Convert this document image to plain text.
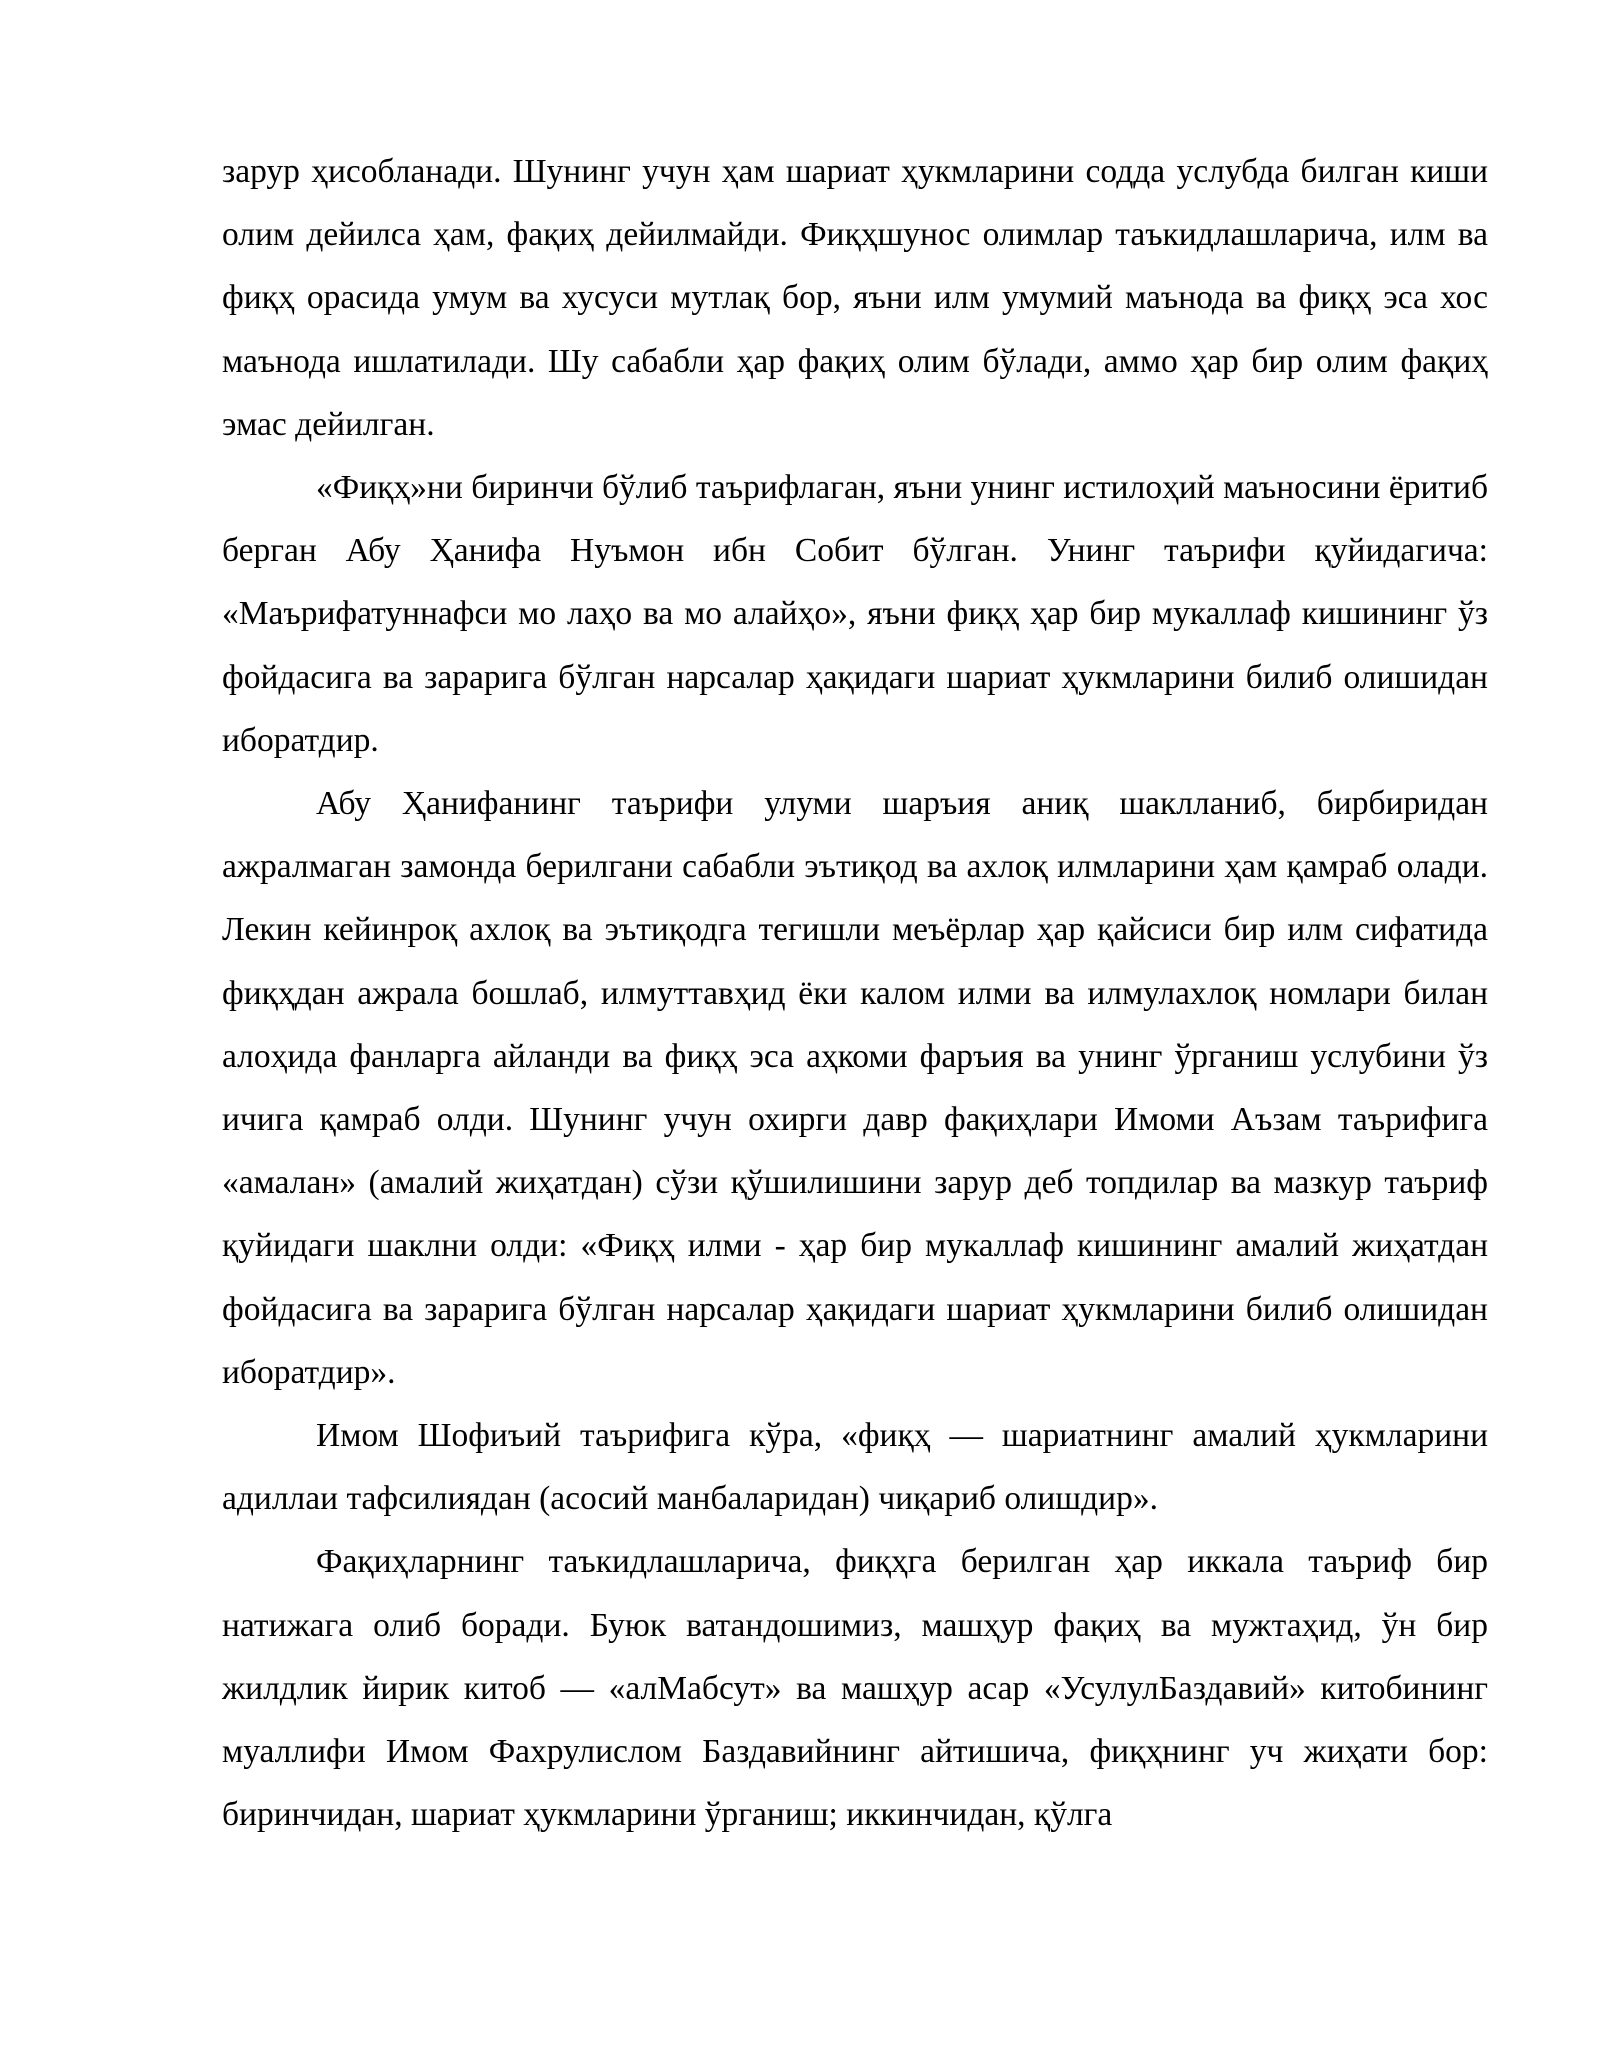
зарур ҳисобланади. Шунинг учун ҳам шариат ҳукмларини содда услубда билган киши олим дейилса ҳам, фақиҳ дейилмайди. Фиқҳшунос олимлар таъкидлашларича, илм ва фиқҳ орасида умум ва хусуси мутлақ бор, яъни илм умумий маънода ва фиқҳ эса хос маънода ишлатилади. Шу сабабли ҳар фақиҳ олим бўлади, аммо ҳар бир олим фақиҳ эмас дейилган.

«Фиқҳ»ни биринчи бўлиб таърифлаган, яъни унинг истилоҳий маъносини ёритиб берган Абу Ҳанифа Нуъмон ибн Собит бўлган. Унинг таърифи қуйидагича: «Маърифатуннафси мо лаҳо ва мо алайҳо», яъни фиқҳ ҳар бир мукаллаф кишининг ўз фойдасига ва зарарига бўлган нарсалар ҳақидаги шариат ҳукмларини билиб олишидан иборатдир.

Абу Ҳанифанинг таърифи улуми шаръия аниқ шаклланиб, бирбиридан ажралмаган замонда берилгани сабабли эътиқод ва ахлоқ илмларини ҳам қамраб олади. Лекин кейинроқ ахлоқ ва эътиқодга тегишли меъёрлар ҳар қайсиси бир илм сифатида фиқҳдан ажрала бошлаб, илмуттавҳид ёки калом илми ва илмулахлоқ номлари билан алоҳида фанларга айланди ва фиқҳ эса аҳкоми фаръия ва унинг ўрганиш услубини ўз ичига қамраб олди. Шунинг учун охирги давр фақиҳлари Имоми Аъзам таърифига «амалан» (амалий жиҳатдан) сўзи қўшилишини зарур деб топдилар ва мазкур таъриф қуйидаги шаклни олди: «Фиқҳ илми - ҳар бир мукаллаф кишининг амалий жиҳатдан фойдасига ва зарарига бўлган нарсалар ҳақидаги шариат ҳукмларини билиб олишидан иборатдир».

Имом Шофиъий таърифига кўра, «фиқҳ — шариатнинг амалий ҳукмларини адиллаи тафсилиядан (асосий манбаларидан) чиқариб олишдир».

Фақиҳларнинг таъкидлашларича, фиқҳга берилган ҳар иккала таъриф бир натижага олиб боради. Буюк ватандошимиз, машҳур фақиҳ ва мужтаҳид, ўн бир жилдлик йирик китоб — «алМабсут» ва машҳур асар «УсулулБаздавий» китобининг муаллифи Имом Фахрулислом Баздавийнинг айтишича, фиқҳнинг уч жиҳати бор: биринчидан, шариат ҳукмларини ўрганиш; иккинчидан, қўлга
